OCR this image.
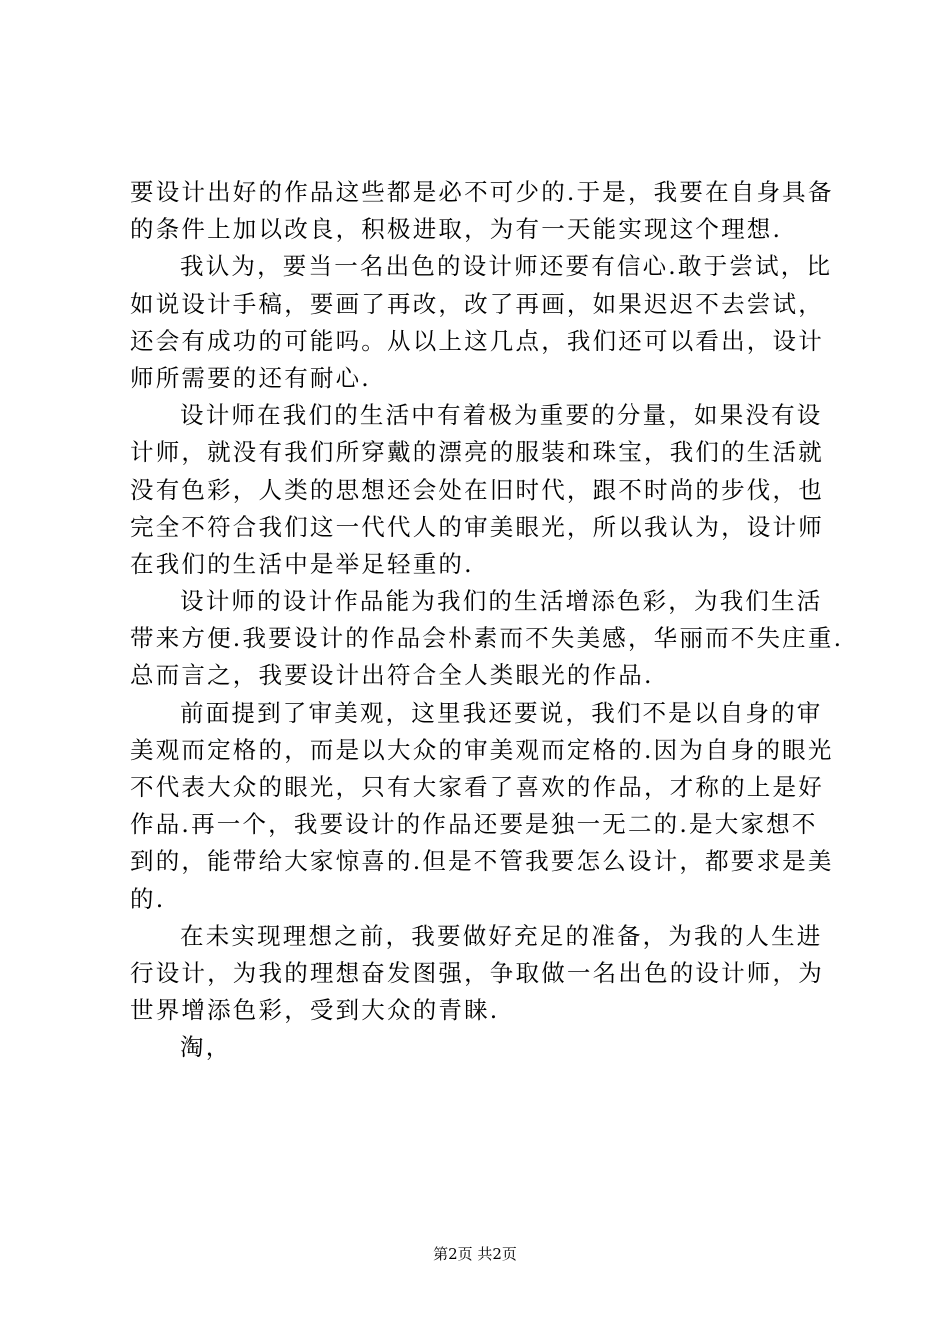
要设计出好的作品这些都是必不可少的.于是，我要在自身具备
的条件上加以改良，积极进取，为有一天能实现这个理想.
我认为，要当一名出色的设计师还要有信心.敢于尝试，比
如说设计手稿，要画了再改，改了再画，如果迟迟不去尝试，
还会有成功的可能吗。从以上这几点，我们还可以看出，设计
师所需要的还有耐心.
设计师在我们的生活中有着极为重要的分量，如果没有设
计师，就没有我们所穿戴的漂亮的服装和珠宝，我们的生活就
没有色彩，人类的思想还会处在旧时代，跟不时尚的步伐，也
完全不符合我们这一代代人的审美眼光，所以我认为，设计师
在我们的生活中是举足轻重的.
设计师的设计作品能为我们的生活增添色彩，为我们生活
带来方便.我要设计的作品会朴素而不失美感，华丽而不失庄重.
总而言之，我要设计出符合全人类眼光的作品.
前面提到了审美观，这里我还要说，我们不是以自身的审
美观而定格的，而是以大众的审美观而定格的.因为自身的眼光
不代表大众的眼光，只有大家看了喜欢的作品，才称的上是好
作品.再一个，我要设计的作品还要是独一无二的.是大家想不
到的，能带给大家惊喜的.但是不管我要怎么设计，都要求是美
的.
在未实现理想之前，我要做好充足的准备，为我的人生进
行设计，为我的理想奋发图强，争取做一名出色的设计师，为
世界增添色彩，受到大众的青睐.
淘，
第2页 共2页
